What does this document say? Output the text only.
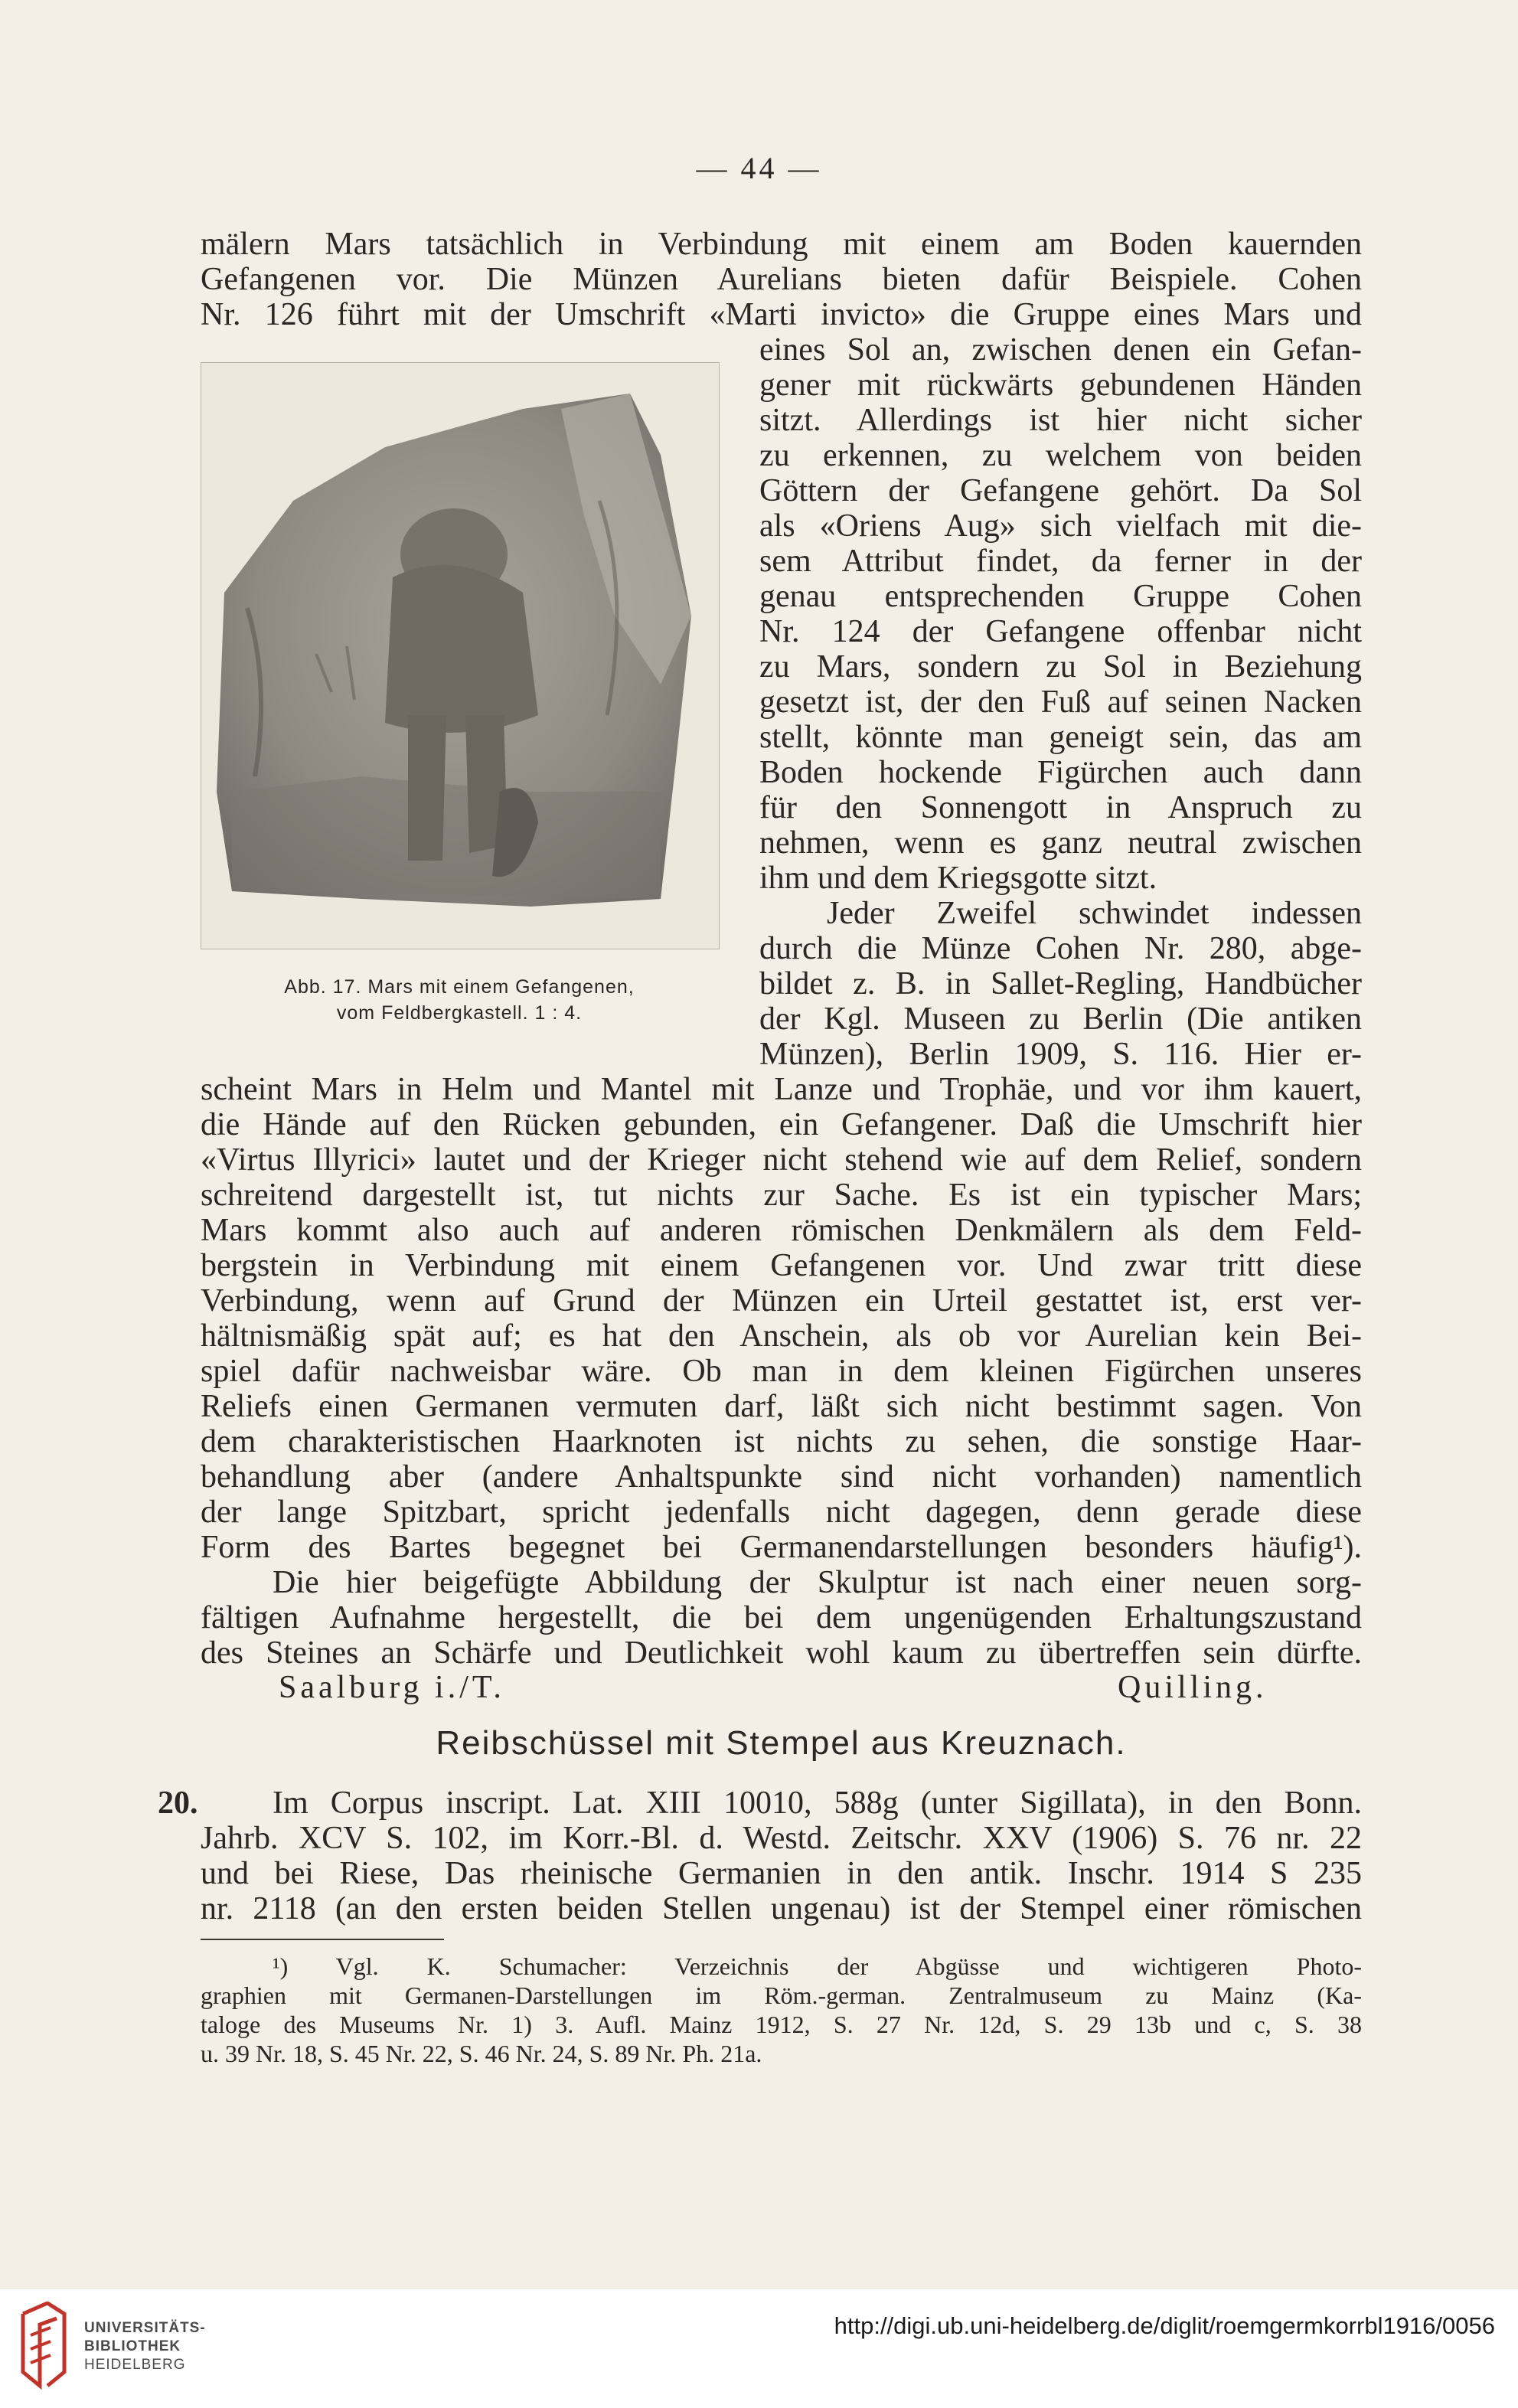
— 44 —
Abb. 17. Mars mit einem Gefangenen,
vom Feldbergkastell. 1 : 4.

mälern Mars tatsächlich in Verbindung mit einem am Boden kauernden

Gefangenen vor. Die Münzen Aurelians bieten dafür Beispiele. Cohen

Nr. 126 führt mit der Umschrift «Marti invicto» die Gruppe eines Mars und

eines Sol an, zwischen denen ein Gefan-

gener mit rückwärts gebundenen Händen

sitzt. Allerdings ist hier nicht sicher

zu erkennen, zu welchem von beiden

Göttern der Gefangene gehört. Da Sol

als «Oriens Aug» sich vielfach mit die-

sem Attribut findet, da ferner in der

genau entsprechenden Gruppe Cohen

Nr. 124 der Gefangene offenbar nicht

zu Mars, sondern zu Sol in Beziehung

gesetzt ist, der den Fuß auf seinen Nacken

stellt, könnte man geneigt sein, das am

Boden hockende Figürchen auch dann

für den Sonnengott in Anspruch zu

nehmen, wenn es ganz neutral zwischen

ihm und dem Kriegsgotte sitzt.

Jeder Zweifel schwindet indessen

durch die Münze Cohen Nr. 280, abge-

bildet z. B. in Sallet-Regling, Handbücher

der Kgl. Museen zu Berlin (Die antiken

Münzen), Berlin 1909, S. 116. Hier er-

scheint Mars in Helm und Mantel mit Lanze und Trophäe, und vor ihm kauert,

die Hände auf den Rücken gebunden, ein Gefangener. Daß die Umschrift hier

«Virtus Illyrici» lautet und der Krieger nicht stehend wie auf dem Relief, sondern

schreitend dargestellt ist, tut nichts zur Sache. Es ist ein typischer Mars;

Mars kommt also auch auf anderen römischen Denkmälern als dem Feld-

bergstein in Verbindung mit einem Gefangenen vor. Und zwar tritt diese

Verbindung, wenn auf Grund der Münzen ein Urteil gestattet ist, erst ver-

hältnismäßig spät auf; es hat den Anschein, als ob vor Aurelian kein Bei-

spiel dafür nachweisbar wäre. Ob man in dem kleinen Figürchen unseres

Reliefs einen Germanen vermuten darf, läßt sich nicht bestimmt sagen. Von

dem charakteristischen Haarknoten ist nichts zu sehen, die sonstige Haar-

behandlung aber (andere Anhaltspunkte sind nicht vorhanden) namentlich

der lange Spitzbart, spricht jedenfalls nicht dagegen, denn gerade diese

Form des Bartes begegnet bei Germanendarstellungen besonders häufig¹).

Die hier beigefügte Abbildung der Skulptur ist nach einer neuen sorg-

fältigen Aufnahme hergestellt, die bei dem ungenügenden Erhaltungszustand

des Steines an Schärfe und Deutlichkeit wohl kaum zu übertreffen sein dürfte.

Saalburg i./T.	Quilling.
Reibschüssel mit Stempel aus Kreuznach.
20. Im Corpus inscript. Lat. XIII 10010, 588g (unter Sigillata), in den Bonn.

Jahrb. XCV S. 102, im Korr.-Bl. d. Westd. Zeitschr. XXV (1906) S. 76 nr. 22

und bei Riese, Das rheinische Germanien in den antik. Inschr. 1914 S 235

nr. 2118 (an den ersten beiden Stellen ungenau) ist der Stempel einer römischen

¹) Vgl. K. Schumacher: Verzeichnis der Abgüsse und wichtigeren Photo-

graphien mit Germanen-Darstellungen im Röm.-german. Zentralmuseum zu Mainz (Ka-

taloge des Museums Nr. 1) 3. Aufl. Mainz 1912, S. 27 Nr. 12d, S. 29 13b und c, S. 38

u. 39 Nr. 18, S. 45 Nr. 22, S. 46 Nr. 24, S. 89 Nr. Ph. 21a.

UNIVERSITÄTS-
BIBLIOTHEK
HEIDELBERG
http://digi.ub.uni-heidelberg.de/diglit/roemgermkorrbl1916/0056
